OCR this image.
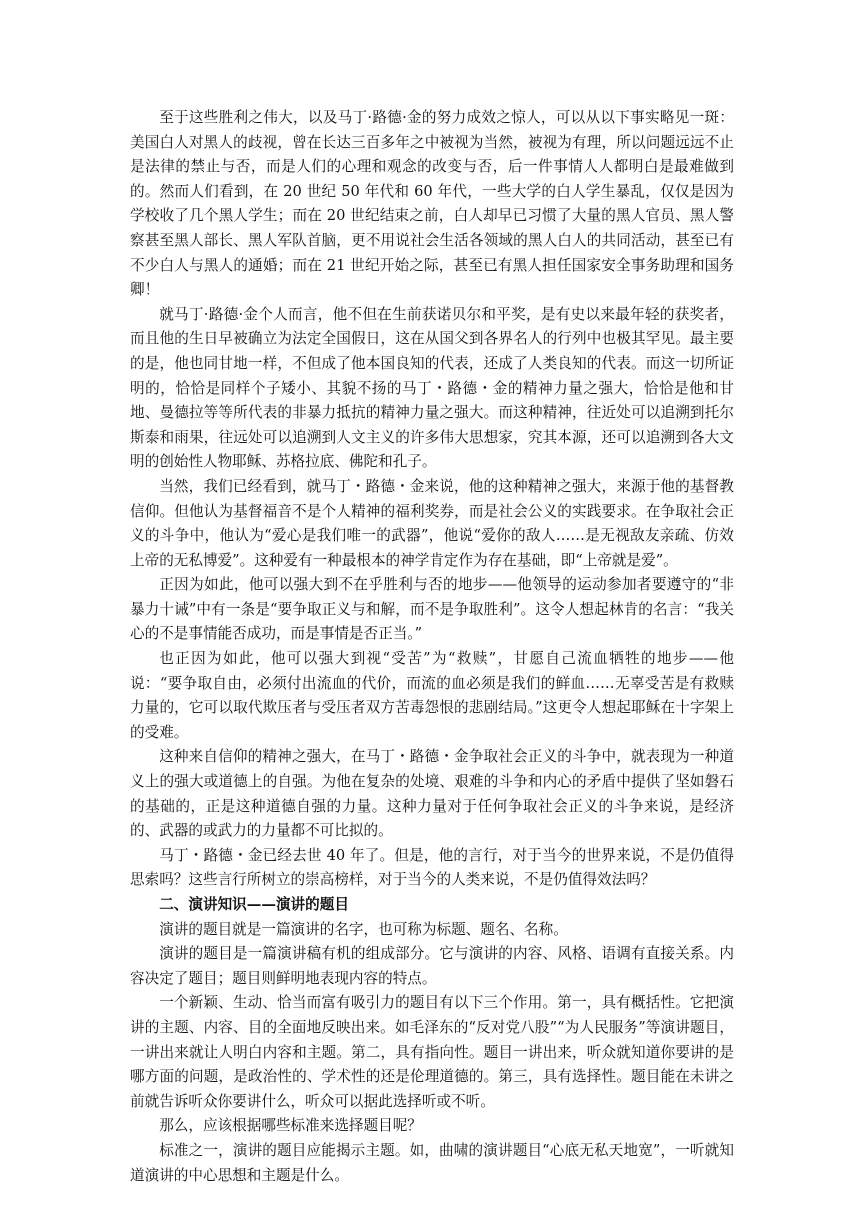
至于这些胜利之伟大，以及马丁·路德·金的努力成效之惊人，可以从以下事实略见一斑：美国白人对黑人的歧视，曾在长达三百多年之中被视为当然，被视为有理，所以问题远远不止是法律的禁止与否，而是人们的心理和观念的改变与否，后一件事情人人都明白是最难做到的。然而人们看到，在 20 世纪 50 年代和 60 年代，一些大学的白人学生暴乱，仅仅是因为学校收了几个黑人学生；而在 20 世纪结束之前，白人却早已习惯了大量的黑人官员、黑人警察甚至黑人部长、黑人军队首脑，更不用说社会生活各领域的黑人白人的共同活动，甚至已有不少白人与黑人的通婚；而在 21 世纪开始之际，甚至已有黑人担任国家安全事务助理和国务卿！

就马丁·路德·金个人而言，他不但在生前获诺贝尔和平奖，是有史以来最年轻的获奖者，而且他的生日早被确立为法定全国假日，这在从国父到各界名人的行列中也极其罕见。最主要的是，他也同甘地一样，不但成了他本国良知的代表，还成了人类良知的代表。而这一切所证明的，恰恰是同样个子矮小、其貌不扬的马丁・路德・金的精神力量之强大，恰恰是他和甘地、曼德拉等等所代表的非暴力抵抗的精神力量之强大。而这种精神，往近处可以追溯到托尔斯泰和雨果，往远处可以追溯到人文主义的许多伟大思想家，究其本源，还可以追溯到各大文明的创始性人物耶稣、苏格拉底、佛陀和孔子。

当然，我们已经看到，就马丁・路德・金来说，他的这种精神之强大，来源于他的基督教信仰。但他认为基督福音不是个人精神的福利奖券，而是社会公义的实践要求。在争取社会正义的斗争中，他认为“爱心是我们唯一的武器”，他说“爱你的敌人……是无视敌友亲疏、仿效上帝的无私博爱”。这种爱有一种最根本的神学肯定作为存在基础，即“上帝就是爱”。

正因为如此，他可以强大到不在乎胜利与否的地步——他领导的运动参加者要遵守的“非暴力十诫”中有一条是“要争取正义与和解，而不是争取胜利”。这令人想起林肯的名言：“我关心的不是事情能否成功，而是事情是否正当。”

也正因为如此，他可以强大到视“受苦”为“救赎”，甘愿自己流血牺牲的地步——他说：“要争取自由，必须付出流血的代价，而流的血必须是我们的鲜血……无辜受苦是有救赎力量的，它可以取代欺压者与受压者双方苦毒怨恨的悲剧结局。”这更令人想起耶稣在十字架上的受难。

这种来自信仰的精神之强大，在马丁・路德・金争取社会正义的斗争中，就表现为一种道义上的强大或道德上的自强。为他在复杂的处境、艰难的斗争和内心的矛盾中提供了坚如磐石的基础的，正是这种道德自强的力量。这种力量对于任何争取社会正义的斗争来说，是经济的、武器的或武力的力量都不可比拟的。

马丁・路德・金已经去世 40 年了。但是，他的言行，对于当今的世界来说，不是仍值得思索吗？这些言行所树立的崇高榜样，对于当今的人类来说，不是仍值得效法吗？

二、演讲知识——演讲的题目

演讲的题目就是一篇演讲的名字，也可称为标题、题名、名称。

演讲的题目是一篇演讲稿有机的组成部分。它与演讲的内容、风格、语调有直接关系。内容决定了题目；题目则鲜明地表现内容的特点。

一个新颖、生动、恰当而富有吸引力的题目有以下三个作用。第一，具有概括性。它把演讲的主题、内容、目的全面地反映出来。如毛泽东的“反对党八股”“为人民服务”等演讲题目，一讲出来就让人明白内容和主题。第二，具有指向性。题目一讲出来，听众就知道你要讲的是哪方面的问题，是政治性的、学术性的还是伦理道德的。第三，具有选择性。题目能在未讲之前就告诉听众你要讲什么，听众可以据此选择听或不听。

那么，应该根据哪些标准来选择题目呢？

标准之一，演讲的题目应能揭示主题。如，曲啸的演讲题目“心底无私天地宽”，一听就知道演讲的中心思想和主题是什么。
